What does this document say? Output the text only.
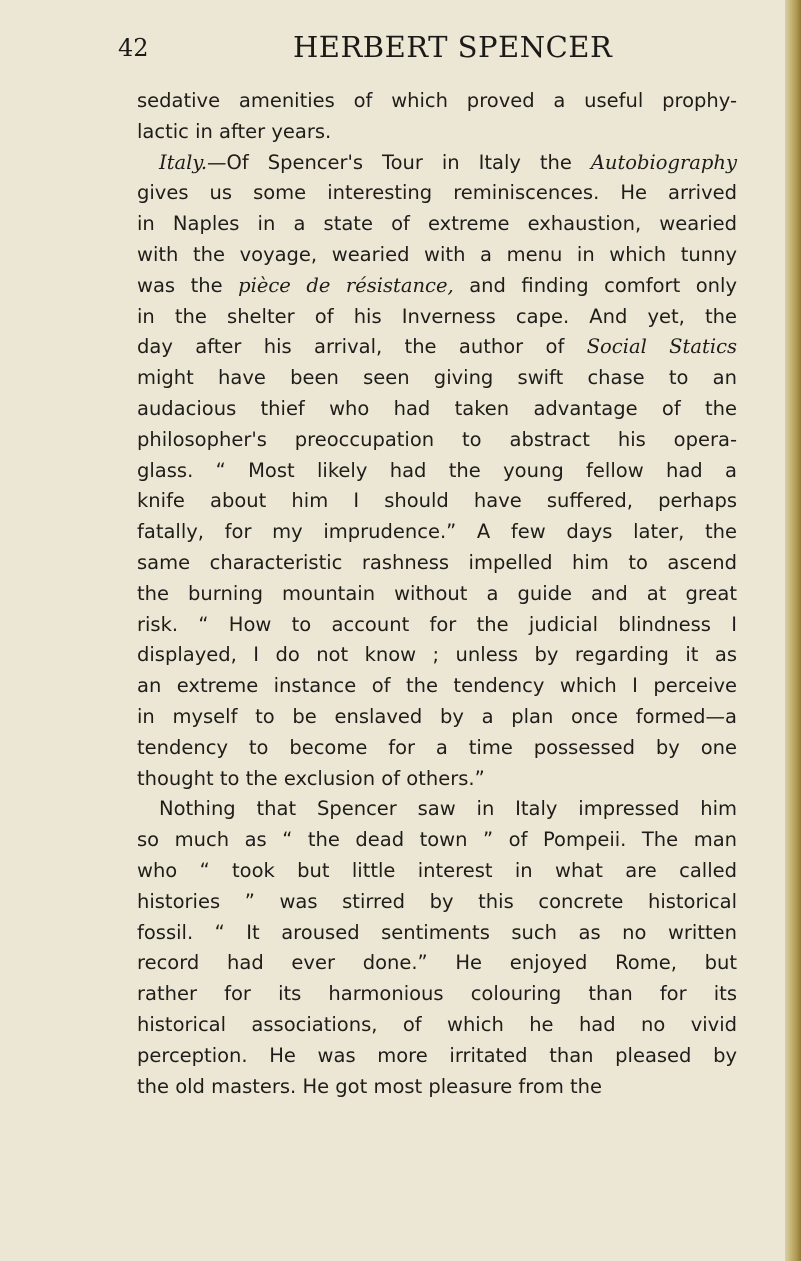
42	HERBERT SPENCER
sedative amenities of which proved a useful prophy-
lactic in after years.
Italy.—Of Spencer's Tour in Italy the Autobiography
gives us some interesting reminiscences. He arrived
in Naples in a state of extreme exhaustion, wearied
with the voyage, wearied with a menu in which tunny
was the pièce de résistance, and finding comfort only
in the shelter of his Inverness cape. And yet, the
day after his arrival, the author of Social Statics
might have been seen giving swift chase to an
audacious thief who had taken advantage of the
philosopher's preoccupation to abstract his opera-
glass. “ Most likely had the young fellow had a
knife about him I should have suffered, perhaps
fatally, for my imprudence.” A few days later, the
same characteristic rashness impelled him to ascend
the burning mountain without a guide and at great
risk. “ How to account for the judicial blindness I
displayed, I do not know ; unless by regarding it as
an extreme instance of the tendency which I perceive
in myself to be enslaved by a plan once formed—a
tendency to become for a time possessed by one
thought to the exclusion of others.”
Nothing that Spencer saw in Italy impressed him
so much as “ the dead town ” of Pompeii. The man
who “ took but little interest in what are called
histories ” was stirred by this concrete historical
fossil. “ It aroused sentiments such as no written
record had ever done.” He enjoyed Rome, but
rather for its harmonious colouring than for its
historical associations, of which he had no vivid
perception. He was more irritated than pleased by
the old masters. He got most pleasure from the
